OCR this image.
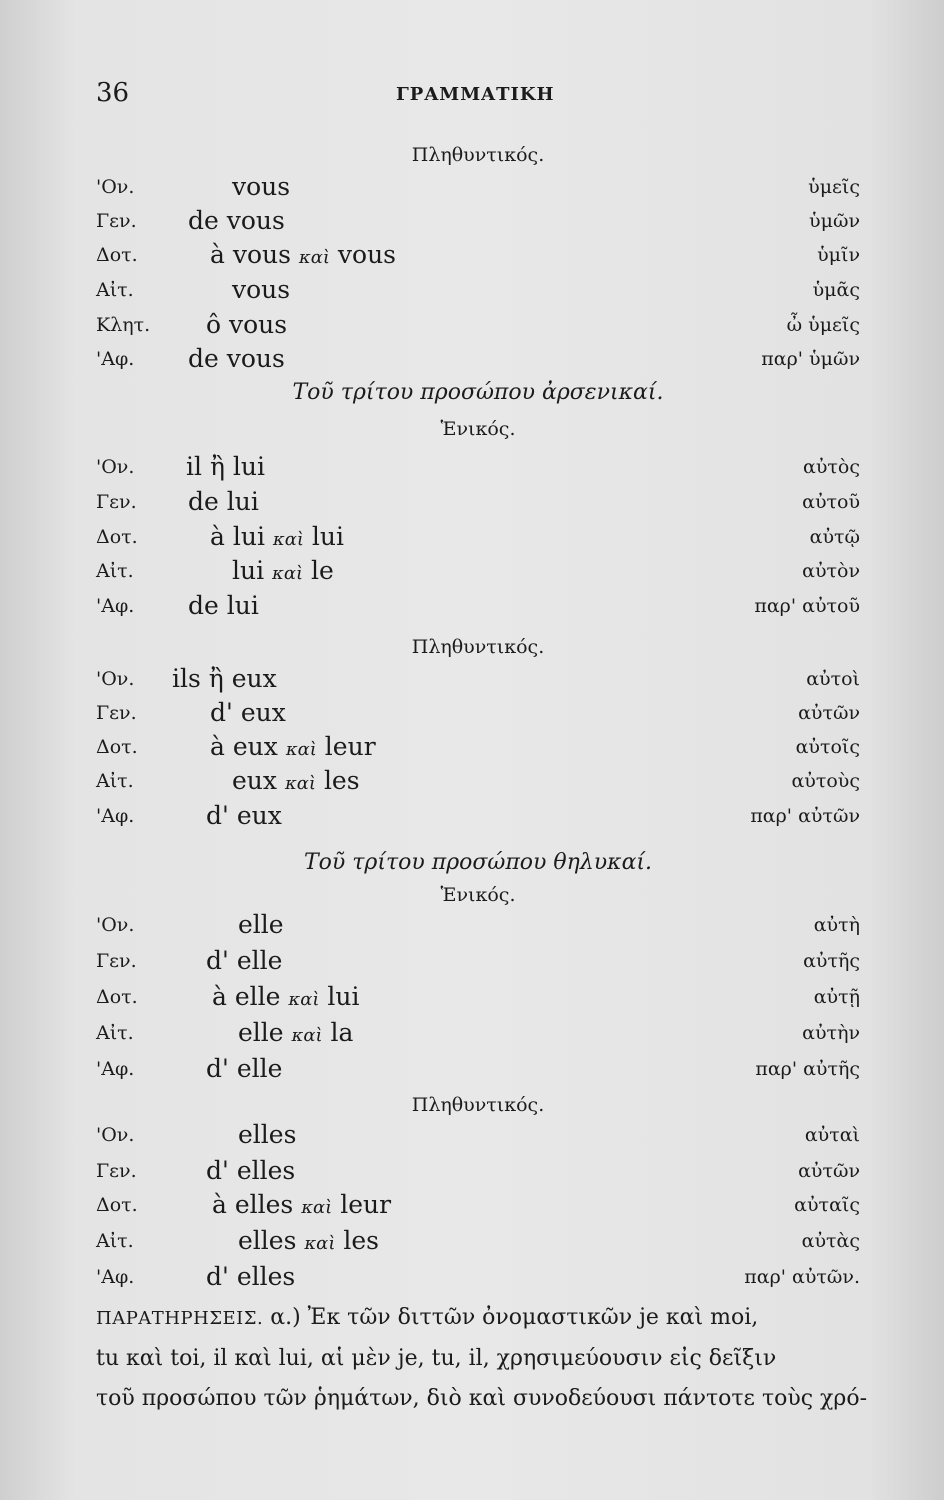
36	ΓΡΑΜΜΑΤΙΚΗ
Πληθυντικός.
'Ον.	vous	ὑμεῖς
Γεν. de vous	ὑμῶν
Δοτ.	à vous καὶ vous	ὑμῖν
Αἰτ.	vous	ὑμᾶς
Κλητ. ô vous	ὦ ὑμεῖς
'Αφ. de vous	παρ' ὑμῶν
Τοῦ τρίτου προσώπου ἀρσενικαί.
Ἑνικός.
'Ον. il ἢ lui	αὐτὸς
Γεν. de lui	αὐτοῦ
Δοτ.	à lui καὶ lui	αὐτῷ
Αἰτ.	lui καὶ le	αὐτὸν
'Αφ. de lui	παρ' αὐτοῦ
Πληθυντικός.
'Ον. ils ἢ eux	αὐτοὶ
Γεν.	d' eux	αὐτῶν
Δοτ.	à eux καὶ leur	αὐτοῖς
Αἰτ.	eux καὶ les	αὐτοὺς
'Αφ.	d' eux	παρ' αὐτῶν
Τοῦ τρίτου προσώπου θηλυκαί.
Ἑνικός.
'Ον.	elle	αὐτὴ
Γεν.	d' elle	αὐτῆς
Δοτ.	à elle καὶ lui	αὐτῇ
Αἰτ.	elle καὶ la	αὐτὴν
'Αφ.	d' elle	παρ' αὐτῆς
Πληθυντικός.
'Ον.	elles	αὐταὶ
Γεν.	d' elles	αὐτῶν
Δοτ.	à elles καὶ leur	αὐταῖς
Αἰτ.	elles καὶ les	αὐτὰς
'Αφ.	d' elles	παρ' αὐτῶν.

ΠΑΡΑΤΗΡΗΣΕΙΣ. α.) Ἐκ τῶν διττῶν ὀνομαστικῶν je καὶ moi,

tu καὶ toi, il καὶ lui, αἱ μὲν je, tu, il, χρησιμεύουσιν εἰς δεῖξιν

τοῦ προσώπου τῶν ῥημάτων, διὸ καὶ συνοδεύουσι πάντοτε τοὺς χρό-
